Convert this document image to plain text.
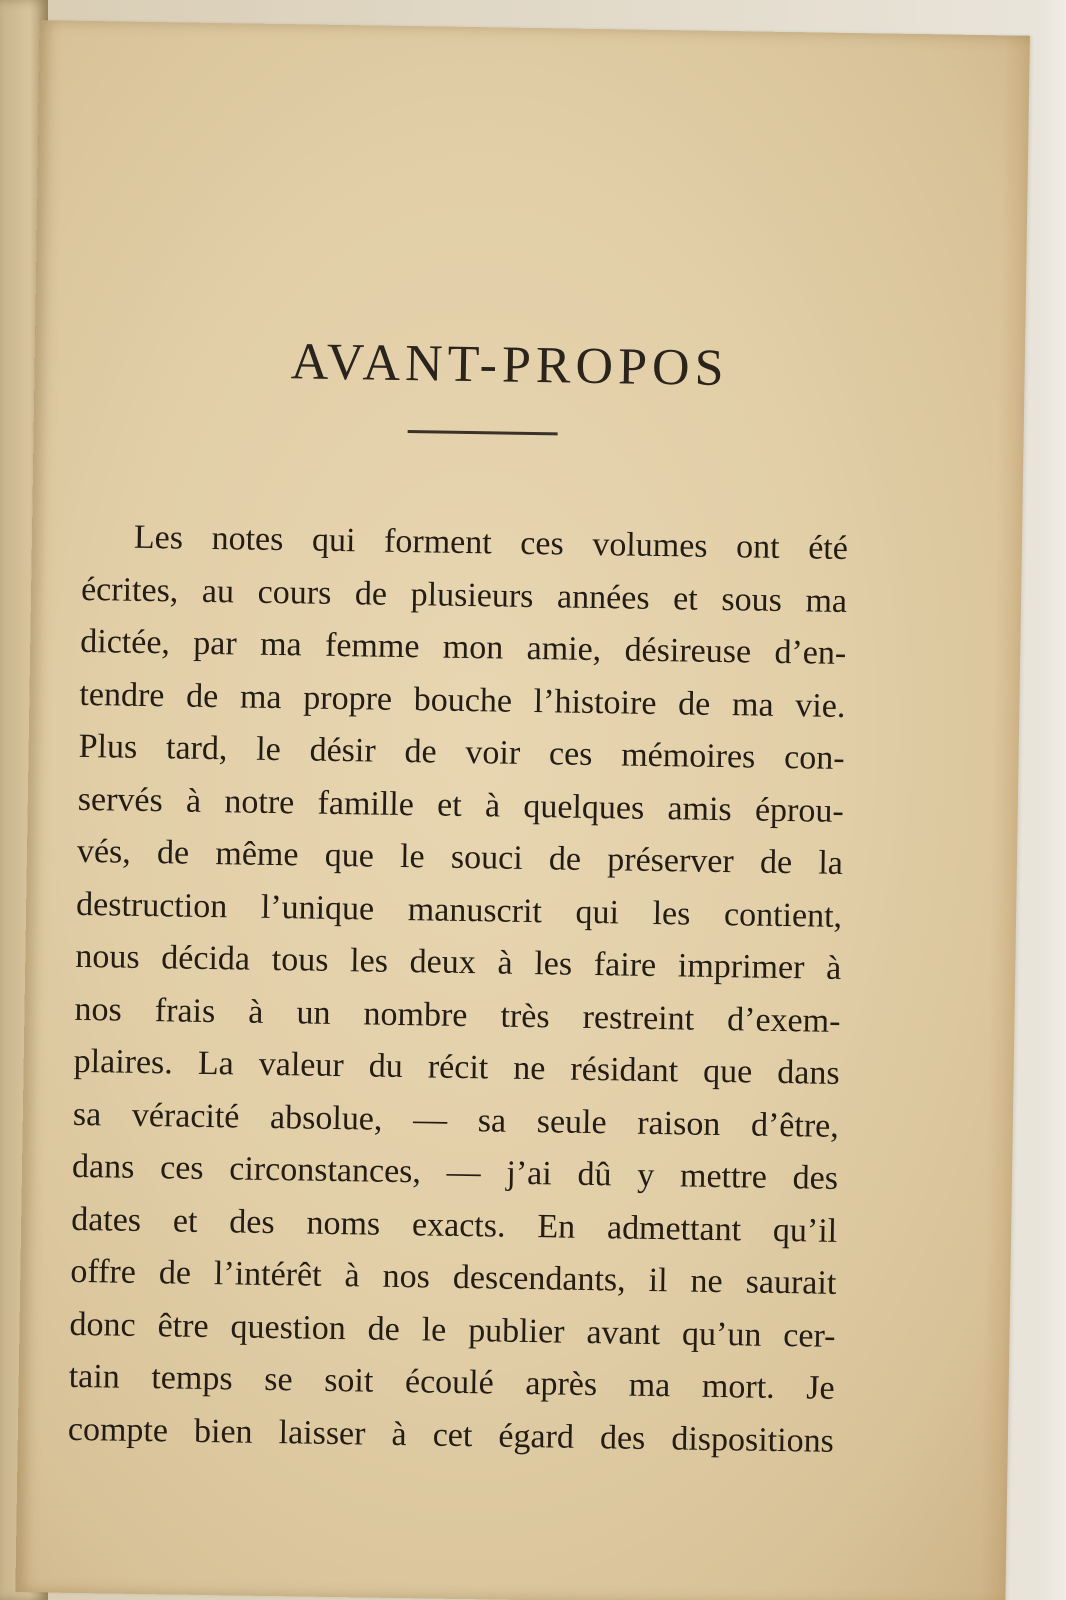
AVANT-PROPOS
Les notes qui forment ces volumes ont été
écrites, au cours de plusieurs années et sous ma
dictée, par ma femme mon amie, désireuse d’en-
tendre de ma propre bouche l’histoire de ma vie.
Plus tard, le désir de voir ces mémoires con-
servés à notre famille et à quelques amis éprou-
vés, de même que le souci de préserver de la
destruction l’unique manuscrit qui les contient,
nous décida tous les deux à les faire imprimer à
nos frais à un nombre très restreint d’exem-
plaires. La valeur du récit ne résidant que dans
sa véracité absolue, — sa seule raison d’être,
dans ces circonstances, — j’ai dû y mettre des
dates et des noms exacts. En admettant qu’il
offre de l’intérêt à nos descendants, il ne saurait
donc être question de le publier avant qu’un cer-
tain temps se soit écoulé après ma mort. Je
compte bien laisser à cet égard des dispositions
